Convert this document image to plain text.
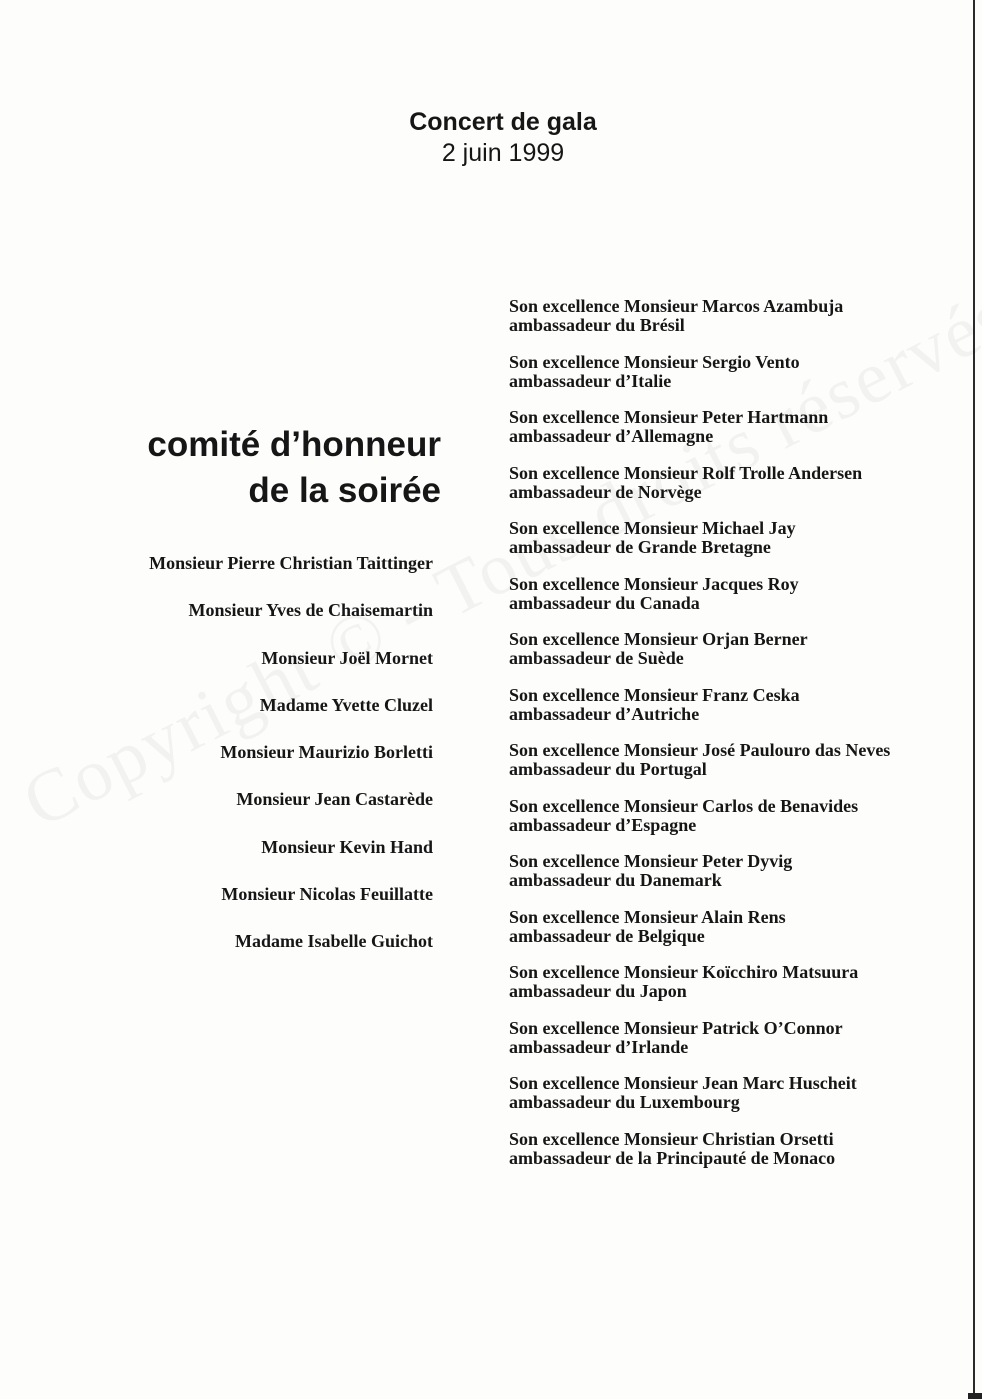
Concert de gala
2 juin 1999
comité d’honneur
de la soirée
Monsieur Pierre Christian Taittinger
Monsieur Yves de Chaisemartin
Monsieur Joël Mornet
Madame Yvette Cluzel
Monsieur Maurizio Borletti
Monsieur Jean Castarède
Monsieur Kevin Hand
Monsieur Nicolas Feuillatte
Madame Isabelle Guichot
Son excellence Monsieur Marcos Azambuja
ambassadeur du Brésil
Son excellence Monsieur Sergio Vento
ambassadeur d’Italie
Son excellence Monsieur Peter Hartmann
ambassadeur d’Allemagne
Son excellence Monsieur Rolf Trolle Andersen
ambassadeur de Norvège
Son excellence Monsieur Michael Jay
ambassadeur de Grande Bretagne
Son excellence Monsieur Jacques Roy
ambassadeur du Canada
Son excellence Monsieur Orjan Berner
ambassadeur de Suède
Son excellence Monsieur Franz Ceska
ambassadeur d’Autriche
Son excellence Monsieur José Paulouro das Neves
ambassadeur du Portugal
Son excellence Monsieur Carlos de Benavides
ambassadeur d’Espagne
Son excellence Monsieur Peter Dyvig
ambassadeur du Danemark
Son excellence Monsieur Alain Rens
ambassadeur de Belgique
Son excellence Monsieur Koïcchiro Matsuura
ambassadeur du Japon
Son excellence Monsieur Patrick O’Connor
ambassadeur d’Irlande
Son excellence Monsieur Jean Marc Huscheit
ambassadeur du Luxembourg
Son excellence Monsieur Christian Orsetti
ambassadeur de la Principauté de Monaco
